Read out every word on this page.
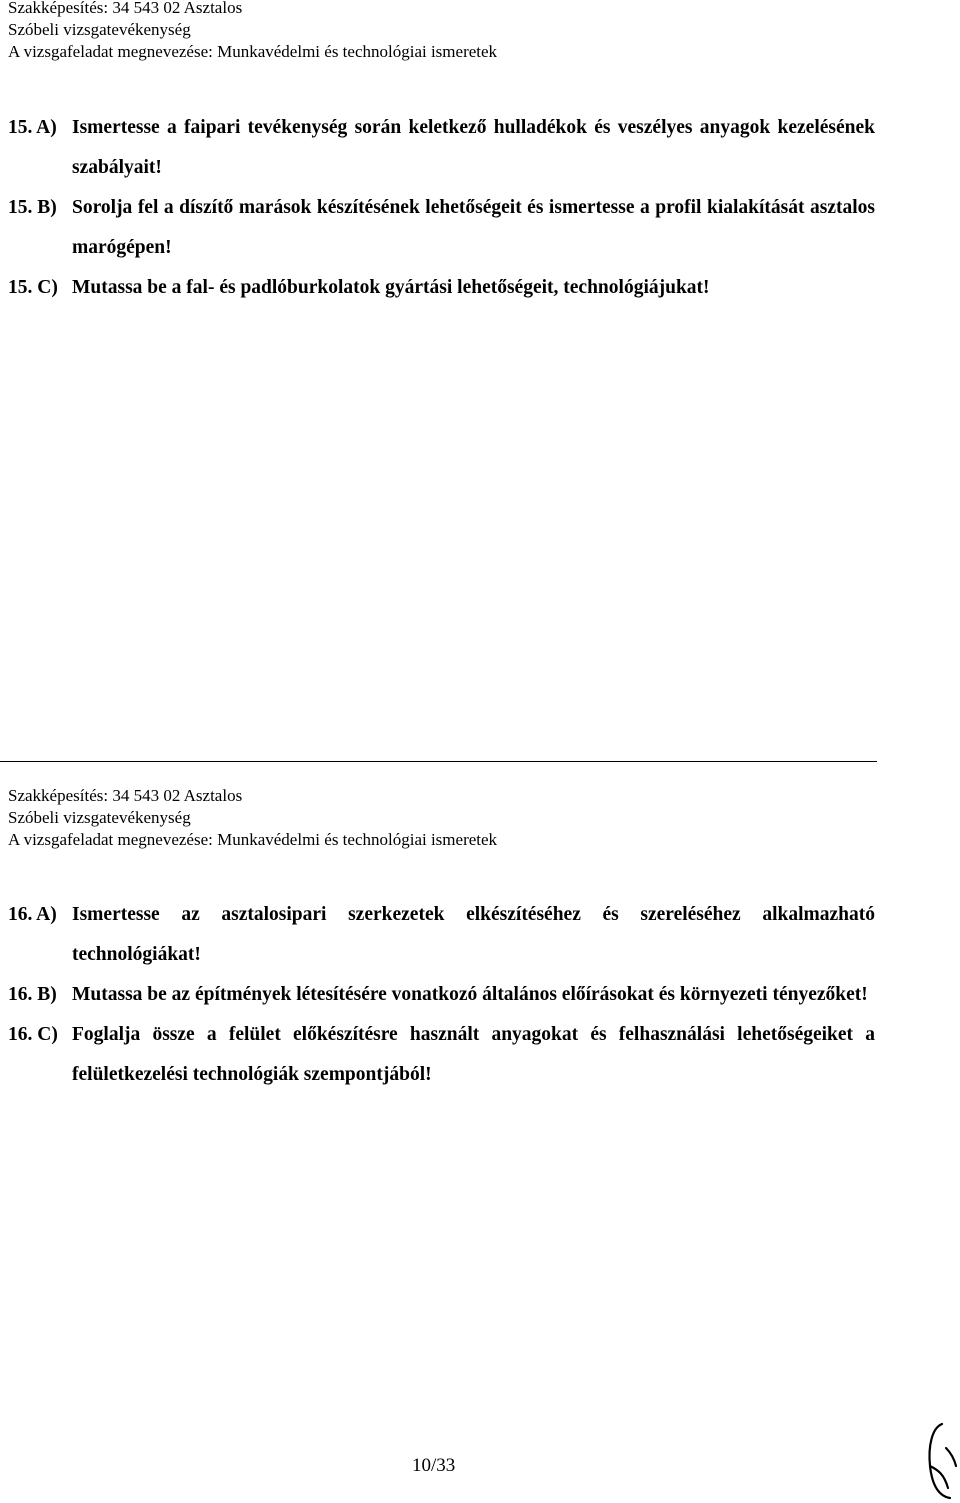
Szakképesítés: 34 543 02 Asztalos
Szóbeli vizsgatevékenység
A vizsgafeladat megnevezése: Munkavédelmi és technológiai ismeretek
15. A) Ismertesse a faipari tevékenység során keletkező hulladékok és veszélyes anyagok kezelésének szabályait!
15. B) Sorolja fel a díszítő marások készítésének lehetőségeit és ismertesse a profil kialakítását asztalos marógépen!
15. C) Mutassa be a fal- és padlóburkolatok gyártási lehetőségeit, technológiájukat!
Szakképesítés: 34 543 02 Asztalos
Szóbeli vizsgatevékenység
A vizsgafeladat megnevezése: Munkavédelmi és technológiai ismeretek
16. A) Ismertesse az asztalosipari szerkezetek elkészítéséhez és szereléséhez alkalmazható technológiákat!
16. B) Mutassa be az építmények létesítésére vonatkozó általános előírásokat és környezeti tényezőket!
16. C) Foglalja össze a felület előkészítésre használt anyagokat és felhasználási lehetőségeiket a felületkezelési technológiák szempontjából!
10/33
